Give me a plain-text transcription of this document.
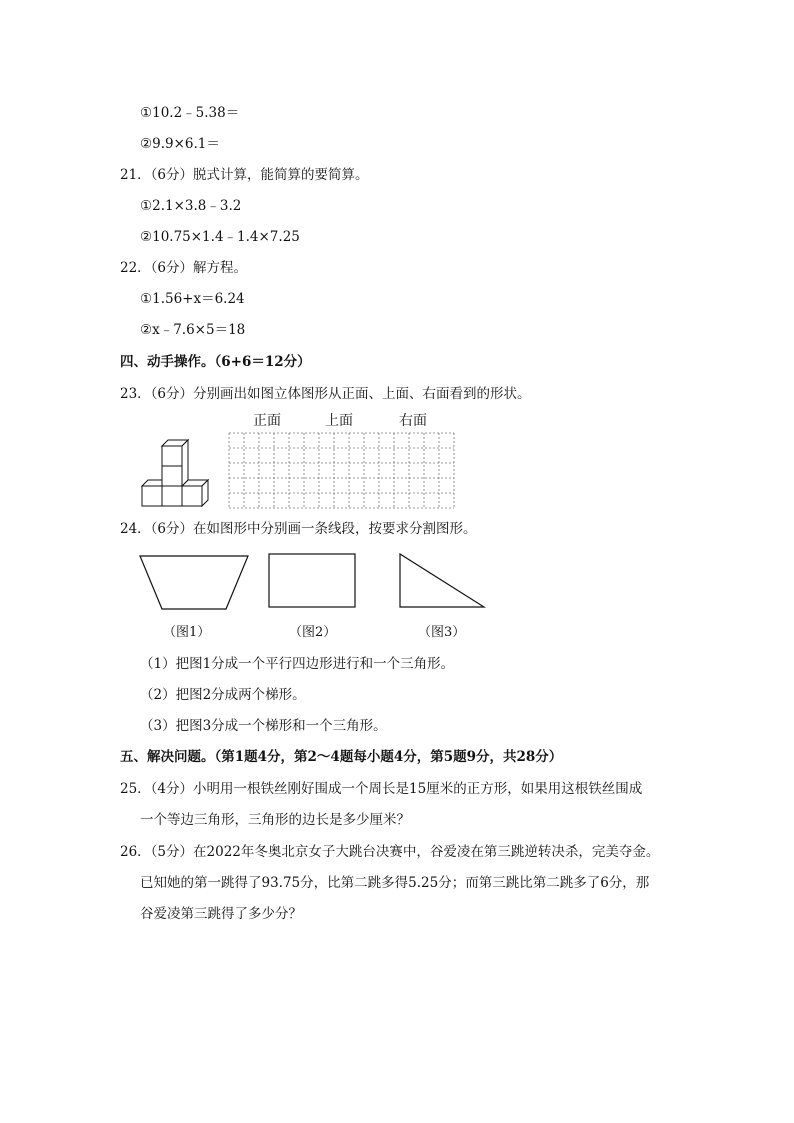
①10.2﹣5.38＝
②9.9×6.1＝
21．（6分）脱式计算，能简算的要简算。
①2.1×3.8﹣3.2
②10.75×1.4﹣1.4×7.25
22．（6分）解方程。
①1.56+x＝6.24
②x﹣7.6×5＝18
四、动手操作。（6+6＝12分）
23．（6分）分别画出如图立体图形从正面、上面、右面看到的形状。
正面	上面	右面
24．（6分）在如图形中分别画一条线段，按要求分割图形。
（图1）	（图2）	（图3）
（1）把图1分成一个平行四边形进行和一个三角形。
（2）把图2分成两个梯形。
（3）把图3分成一个梯形和一个三角形。
五、解决问题。（第1题4分，第2～4题每小题4分，第5题9分，共28分）
25．（4分）小明用一根铁丝刚好围成一个周长是15厘米的正方形，如果用这根铁丝围成
一个等边三角形，三角形的边长是多少厘米？
26．（5分）在2022年冬奥北京女子大跳台决赛中，谷爱凌在第三跳逆转决杀，完美夺金。
已知她的第一跳得了93.75分，比第二跳多得5.25分；而第三跳比第二跳多了6分，那
谷爱凌第三跳得了多少分？
